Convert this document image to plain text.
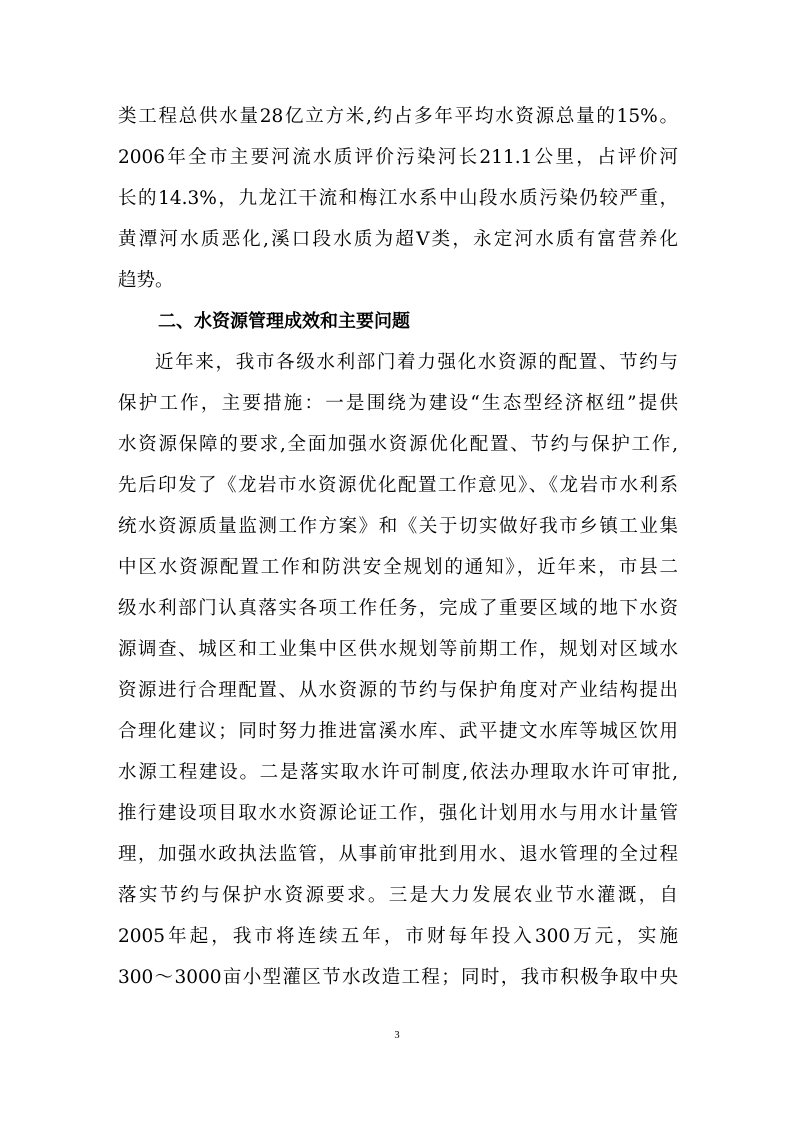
类工程总供水量28亿立方米,约占多年平均水资源总量的15%。
2006年全市主要河流水质评价污染河长211.1公里，占评价河
长的14.3%，九龙江干流和梅江水系中山段水质污染仍较严重，
黄潭河水质恶化,溪口段水质为超Ⅴ类，永定河水质有富营养化
趋势。
二、水资源管理成效和主要问题
近年来，我市各级水利部门着力强化水资源的配置、节约与
保护工作，主要措施：一是围绕为建设“生态型经济枢纽”提供
水资源保障的要求,全面加强水资源优化配置、节约与保护工作,
先后印发了《龙岩市水资源优化配置工作意见》、《龙岩市水利系
统水资源质量监测工作方案》和《关于切实做好我市乡镇工业集
中区水资源配置工作和防洪安全规划的通知》，近年来，市县二
级水利部门认真落实各项工作任务，完成了重要区域的地下水资
源调查、城区和工业集中区供水规划等前期工作，规划对区域水
资源进行合理配置、从水资源的节约与保护角度对产业结构提出
合理化建议；同时努力推进富溪水库、武平捷文水库等城区饮用
水源工程建设。二是落实取水许可制度,依法办理取水许可审批,
推行建设项目取水水资源论证工作，强化计划用水与用水计量管
理，加强水政执法监管，从事前审批到用水、退水管理的全过程
落实节约与保护水资源要求。三是大力发展农业节水灌溉，自
2005年起，我市将连续五年，市财每年投入300万元，实施
300～3000亩小型灌区节水改造工程；同时，我市积极争取中央
3
